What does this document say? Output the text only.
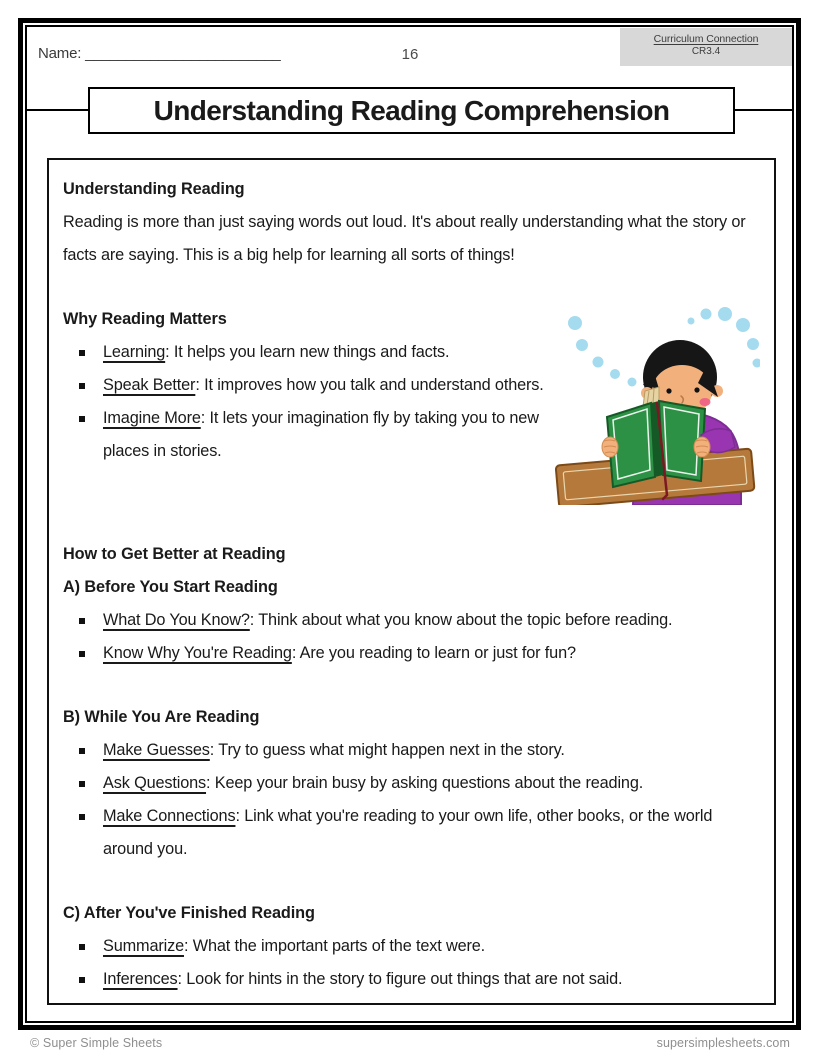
Name: ________________________	16
Curriculum Connection
CR3.4
Understanding Reading Comprehension
Understanding Reading

Reading is more than just saying words out loud. It's about really understanding what the story or facts are saying. This is a big help for learning all sorts of things!

Why Reading Matters
Learning: It helps you learn new things and facts.
Speak Better: It improves how you talk and understand others.
Imagine More: It lets your imagination fly by taking you to new places in stories.
How to Get Better at Reading
A) Before You Start Reading
What Do You Know?: Think about what you know about the topic before reading.
Know Why You're Reading: Are you reading to learn or just for fun?
B) While You Are Reading
Make Guesses: Try to guess what might happen next in the story.
Ask Questions: Keep your brain busy by asking questions about the reading.
Make Connections: Link what you're reading to your own life, other books, or the world around you.
C) After You've Finished Reading
Summarize: What the important parts of the text were.
Inferences: Look for hints in the story to figure out things that are not said.
© Super Simple Sheets	supersimplesheets.com
